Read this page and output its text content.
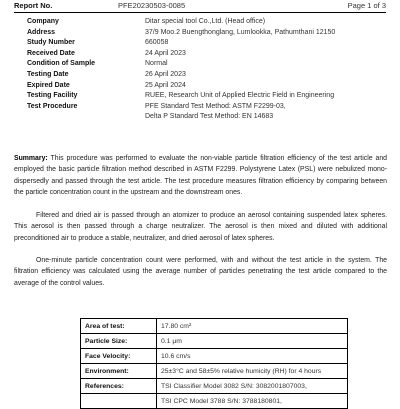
Report No.	PFE20230503-0085	Page 1 of 3
Company	Ditar special tool Co.,Ltd. (Head office)
Address	37/9 Moo.2 Buengthonglang, Lumlookka, Pathumthani 12150
Study Number	660058
Received Date	24 April 2023
Condition of Sample	Normal
Testing Date	26 April 2023
Expired Date	25 April 2024
Testing Facility	RUEE, Research Unit of Applied Electric Field in Engineering
Test Procedure	PFE Standard Test Method: ASTM F2299-03,
Delta P Standard Test Method: EN 14683
Summary: This procedure was performed to evaluate the non-viable particle filtration efficiency of the test article and employed the basic particle filtration method described in ASTM F2299. Polystyrene Latex (PSL) were nebulized mono-dispersedly and passed through the test article. The test procedure measures filtration efficiency by comparing between the particle concentration count in the upstream and the downstream ones.
Filtered and dried air is passed through an atomizer to produce an aerosol containing suspended latex spheres. This aerosol is then passed through a charge neutralizer. The aerosol is then mixed and diluted with additional preconditioned air to produce a stable, neutralizer, and dried aerosol of latex spheres.
One-minute particle concentration count were performed, with and without the test article in the system. The filtration efficiency was calculated using the average number of particles penetrating the test article compared to the average of the control values.
Area of test:	17.80 cm²
Particle Size:	0.1 μm
Face Velocity:	10.6 cm/s
Environment:	25±3°C and 58±5% relative humicity (RH) for 4 hours
References:	TSI Classifier Model 3082 S/N: 3082001807003,
	TSI CPC Model 3788 S/N: 3788180801,
